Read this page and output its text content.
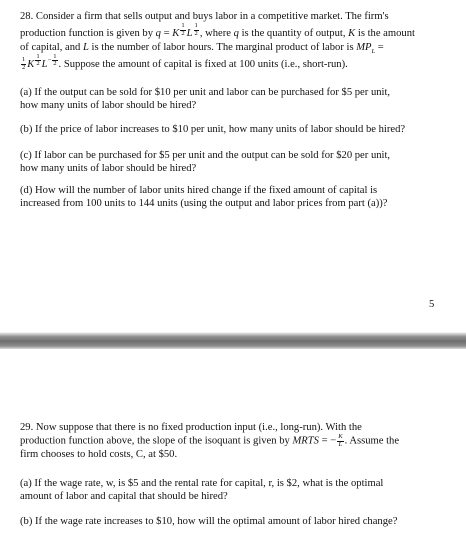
28. Consider a firm that sells output and buys labor in a competitive market. The firm's
production function is given by q = K $^{\frac{1}{2}}$ L $^{\frac{1}{2}}$ , where q is the quantity of output, K is the amount
of capital, and L is the number of labor hours. The marginal product of labor is $MP_L$ =
$\frac{1}{2}$ K $^{\frac{1}{2}}$ $L^{- \frac{1}{2}}$ . Suppose the amount of capital is fixed at 100 units (i.e., short-run).
(a) If the output can be sold for $10 per unit and labor can be purchased for $5 per unit,
how many units of labor should be hired?
(b) If the price of labor increases to $10 per unit, how many units of labor should be hired?
(c) If labor can be purchased for $5 per unit and the output can be sold for $20 per unit,
how many units of labor should be hired?
(d) How will the number of labor units hired change if the fixed amount of capital is
increased from 100 units to 144 units (using the output and labor prices from part (a))?
5
29. Now suppose that there is no fixed production input (i.e., long-run). With the
production function above, the slope of the isoquant is given by MRTS = − $\frac{K}{L}$ . Assume the
firm chooses to hold costs, C, at $50.
(a) If the wage rate, w, is $5 and the rental rate for capital, r, is $2, what is the optimal
amount of labor and capital that should be hired?
(b) If the wage rate increases to $10, how will the optimal amount of labor hired change?
